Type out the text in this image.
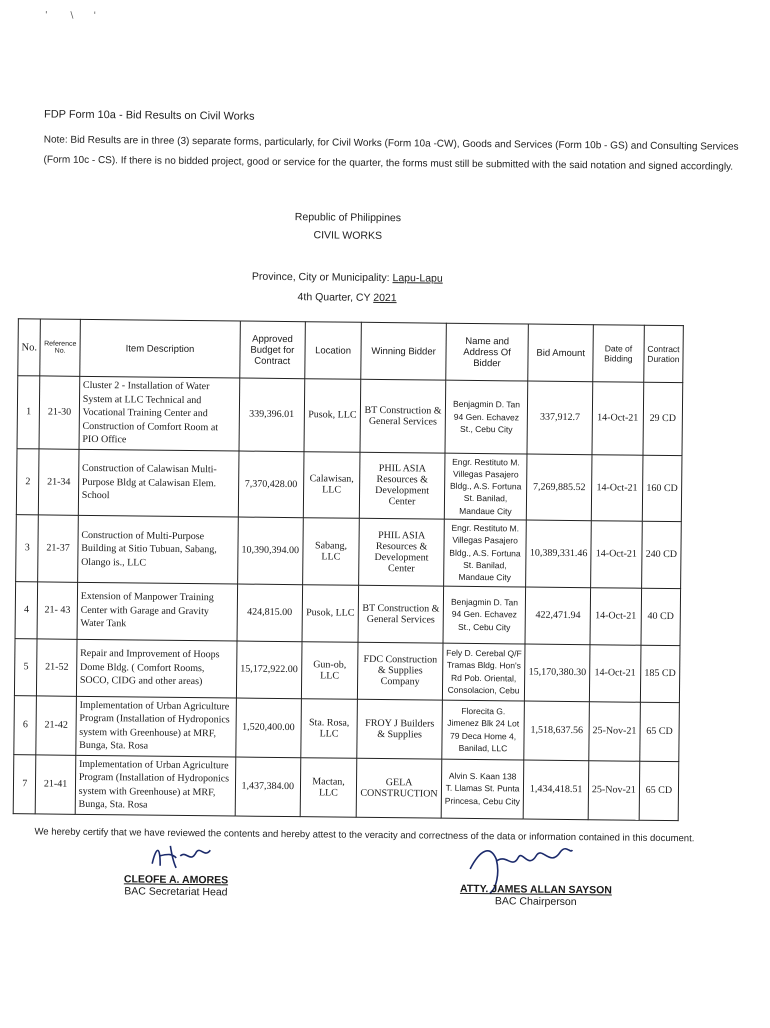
'        \       '
FDP Form 10a - Bid Results on Civil Works
Note: Bid Results are in three (3) separate forms, particularly, for Civil Works (Form 10a -CW), Goods and Services (Form 10b - GS) and Consulting Services
(Form 10c - CS). If there is no bidded project, good or service for the quarter, the forms must still be submitted with the said notation and signed accordingly.
Republic of Philippines
CIVIL WORKS
Province, City or Municipality: Lapu-Lapu
4th Quarter, CY 2021
No.	Reference No.	Item Description	Approved Budget for Contract	Location	Winning Bidder	Name and Address Of Bidder	Bid Amount	Date of Bidding	Contract Duration
1	21-30	Cluster 2 - Installation of Water System at LLC Technical and Vocational Training Center and Construction of Comfort Room at PIO Office	339,396.01	Pusok, LLC	BT Construction & General Services	Benjagmin D. Tan 94 Gen. Echavez St., Cebu City	337,912.7	14-Oct-21	29 CD
2	21-34	Construction of Calawisan Multi-Purpose Bldg at Calawisan Elem. School	7,370,428.00	Calawisan, LLC	PHIL ASIA Resources & Development Center	Engr. Restituto M. Villegas Pasajero Bldg., A.S. Fortuna St. Banilad, Mandaue City	7,269,885.52	14-Oct-21	160 CD
3	21-37	Construction of Multi-Purpose Building at Sitio Tubuan, Sabang, Olango is., LLC	10,390,394.00	Sabang, LLC	PHIL ASIA Resources & Development Center	Engr. Restituto M. Villegas Pasajero Bldg., A.S. Fortuna St. Banilad, Mandaue City	10,389,331.46	14-Oct-21	240 CD
4	21- 43	Extension of Manpower Training Center with Garage and Gravity Water Tank	424,815.00	Pusok, LLC	BT Construction & General Services	Benjagmin D. Tan 94 Gen. Echavez St., Cebu City	422,471.94	14-Oct-21	40 CD
5	21-52	Repair and Improvement of Hoops Dome Bldg. ( Comfort Rooms, SOCO, CIDG and other areas)	15,172,922.00	Gun-ob, LLC	FDC Construction & Supplies Company	Fely D. Cerebal Q/F Tramas Bldg. Hon's Rd Pob. Oriental, Consolacion, Cebu	15,170,380.30	14-Oct-21	185 CD
6	21-42	Implementation of Urban Agriculture Program (Installation of Hydroponics system with Greenhouse) at MRF, Bunga, Sta. Rosa	1,520,400.00	Sta. Rosa, LLC	FROY J Builders & Supplies	Florecita G. Jimenez Blk 24 Lot 79 Deca Home 4, Banilad, LLC	1,518,637.56	25-Nov-21	65 CD
7	21-41	Implementation of Urban Agriculture Program (Installation of Hydroponics system with Greenhouse) at MRF, Bunga, Sta. Rosa	1,437,384.00	Mactan, LLC	GELA CONSTRUCTION	Alvin S. Kaan 138 T. Llamas St. Punta Princesa, Cebu City	1,434,418.51	25-Nov-21	65 CD
We hereby certify that we have reviewed the contents and hereby attest to the veracity and correctness of the data or information contained in this document.
CLEOFE A. AMORES
BAC Secretariat Head	ATTY. JAMES ALLAN SAYSON
BAC Chairperson
